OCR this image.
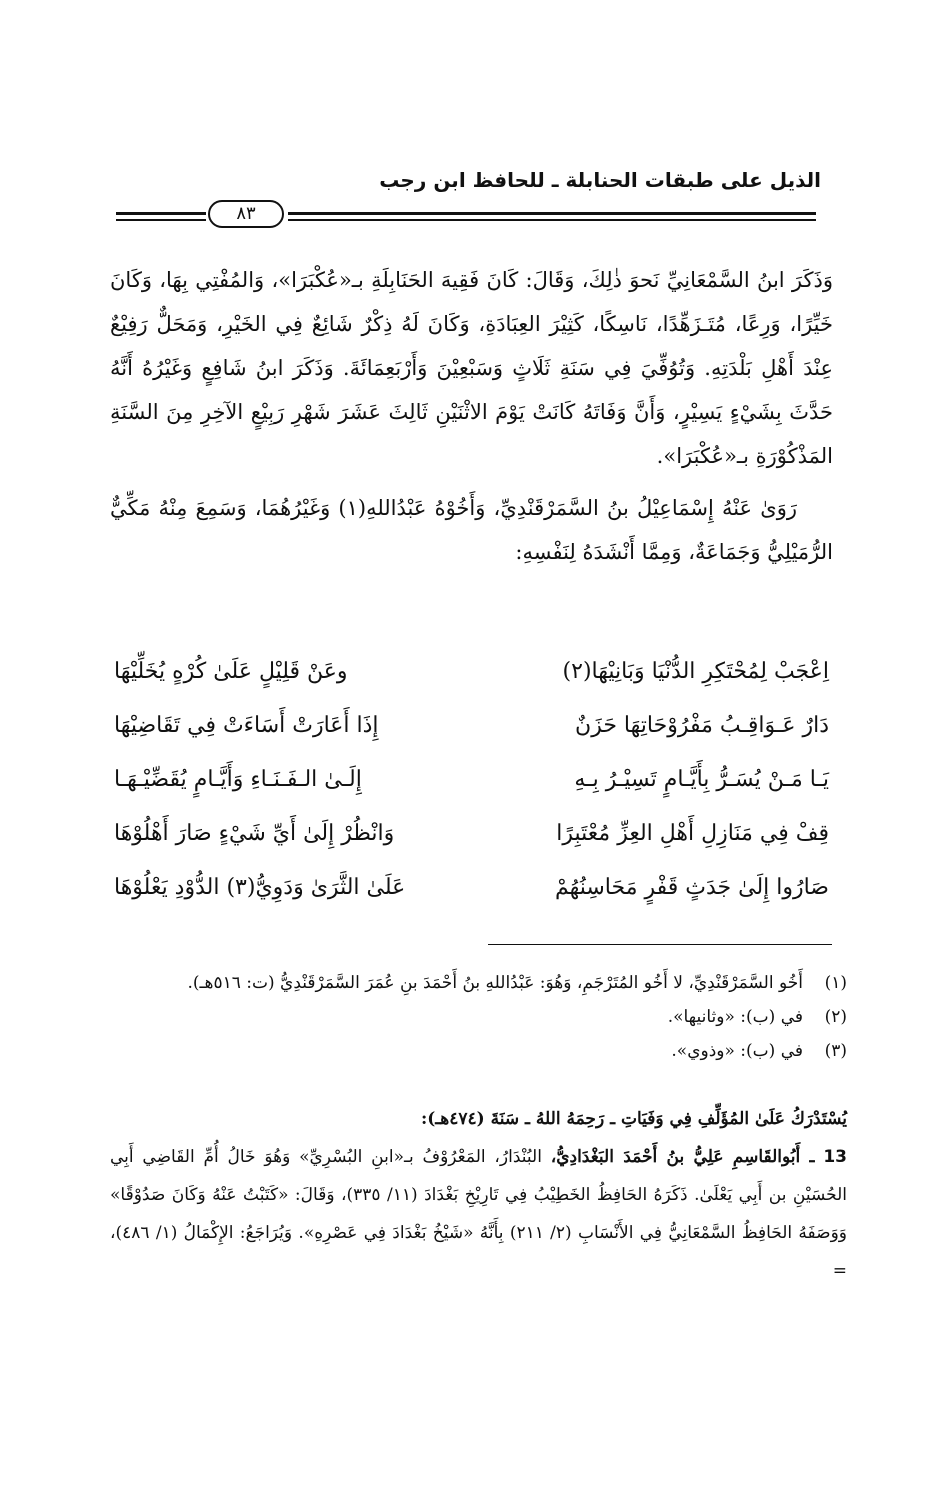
الذيل على طبقات الحنابلة ـ للحافظ ابن رجب
٨٣

وَذَكَرَ ابنُ السَّمْعَانِيِّ نَحوَ ذٰلِكَ، وَقَالَ: كَانَ فَقِيهَ الحَنَابِلَةِ بـ«عُكْبَرَا»، وَالمُفْتِي بِهَا، وَكَانَ خَيِّرًا، وَرِعًا، مُتَـزَهِّدًا، نَاسِكًا، كَثِيْرَ العِبَادَةِ، وَكَانَ لَهُ ذِكْرٌ شَائِعٌ فِي الخَيْرِ، وَمَحَلٌّ رَفِيْعٌ عِنْدَ أَهْلِ بَلْدَتِهِ. وَتُوُفِّيَ فِي سَنَةِ ثَلَاثٍ وَسَبْعِيْنَ وَأَرْبَعِمَائَةَ. وَذَكَرَ ابنُ شَافِعٍ وَغَيْرُهُ أَنَّهُ حَدَّثَ بِشَيْءٍ يَسِيْرٍ، وَأَنَّ وَفَاتَهُ كَانَتْ يَوْمَ الاثْنَيْنِ ثَالِثَ عَشَرَ شَهْرِ رَبِيْعٍ الآخِرِ مِنَ السَّنَةِ المَذْكُوْرَةِ بـ«عُكْبَرَا».

رَوَىٰ عَنْهُ إِسْمَاعِيْلُ بنُ السَّمَرْقَنْدِيِّ، وَأَخُوْهُ عَبْدُاللهِ(١) وَغَيْرُهُمَا، وَسَمِعَ مِنْهُ مَكِّيٌّ الرُّمَيْلِيُّ وَجَمَاعَةٌ، وَمِمَّا أَنْشَدَهُ لِنَفْسِهِ:

اِعْجَبْ لِمُحْتَكِرِ الدُّنْيَا وَبَانِيْهَا(٢)
وعَنْ قَلِيْلٍ عَلَىٰ كُرْهٍ يُخَلِّيْهَا
دَارٌ عَـوَاقِـبُ مَفْرُوْحَاتِهَا حَزَنٌ
إِذَا أَعَارَتْ أَسَاءَتْ فِي تَقَاضِيْهَا
يَـا مَـنْ يُسَـرُّ بِأَيَّـامٍ تَسِيْـرُ بِـهِ
إِلَـىٰ الـفَـنَـاءِ وَأَيَّـامٍ يُقَضِّيْـهَـا
قِفْ فِي مَنَازِلِ أَهْلِ العِزِّ مُعْتَبِرًا
وَانْظُرْ إِلَىٰ أَيِّ شَيْءٍ صَارَ أَهْلُوْهَا
صَارُوا إِلَىٰ جَدَثٍ قَفْرٍ مَحَاسِنُهُمْ
عَلَىٰ الثَّرَىٰ وَدَوِيُّ(٣) الدُّوْدِ يَعْلُوْهَا
(١)
أَخُو السَّمَرْقَنْدِيِّ، لا أَخُو المُتَرْجَمِ، وَهُوَ: عَبْدُاللهِ بنُ أَحْمَدَ بنِ عُمَرَ السَّمَرْقَنْدِيُّ (ت: ٥١٦هـ).
(٢)
في (ب): «وثانيها».
(٣)
في (ب): «وذوي».

يُسْتَدْرَكُ عَلَىٰ المُؤَلِّفِ فِي وَفَيَاتِ ـ رَحِمَهُ اللهُ ـ سَنَةَ (٤٧٤هـ):

13 ـ أَبُوالقَاسِمِ عَلِيُّ بنُ أَحْمَدَ البَغْدَادِيُّ، البُنْدَارُ، المَعْرُوْفُ بـ«ابنِ البُسْرِيِّ» وَهُوَ خَالُ أُمِّ القَاضِي أَبِي الحُسَيْنِ بن أَبِي يَعْلَىٰ. ذَكَرَهُ الحَافِظُ الخَطِيْبُ فِي تَارِيْخِ بَغْدَادَ (١١/ ٣٣٥)، وَقَالَ: «كَتَبْتُ عَنْهُ وَكَانَ صَدُوْقًا» وَوَصَفَهُ الحَافِظُ السَّمْعَانِيُّ فِي الأَنْسَابِ (٢/ ٢١١) بِأَنَّهُ «شَيْخُ بَغْدَادَ فِي عَصْرِهِ». وَيُرَاجَعُ: الإِكْمَالُ (١/ ٤٨٦)، =
